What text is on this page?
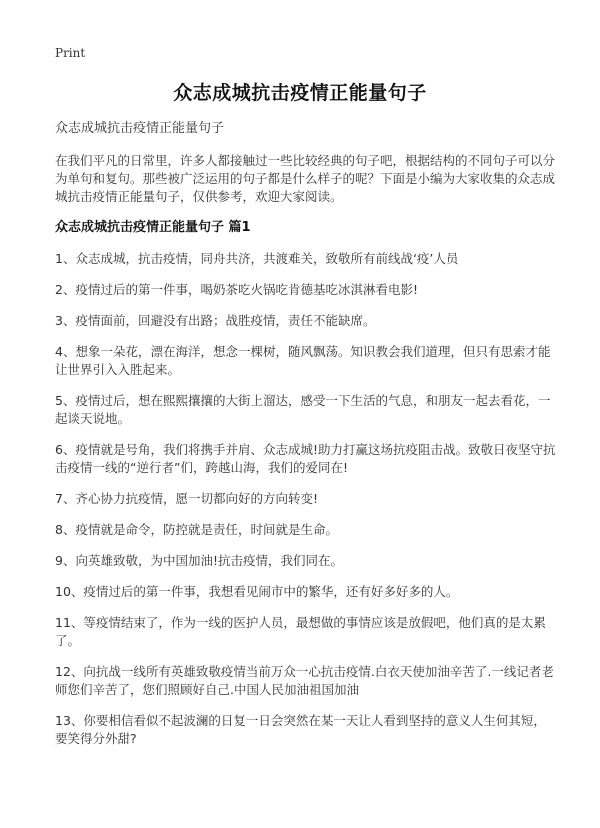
Print
众志成城抗击疫情正能量句子

众志成城抗击疫情正能量句子

在我们平凡的日常里，许多人都接触过一些比较经典的句子吧，根据结构的不同句子可以分为单句和复句。那些被广泛运用的句子都是什么样子的呢？下面是小编为大家收集的众志成城抗击疫情正能量句子，仅供参考，欢迎大家阅读。

众志成城抗击疫情正能量句子 篇1

1、众志成城，抗击疫情，同舟共济，共渡难关，致敬所有前线战‘疫’人员

2、疫情过后的第一件事，喝奶茶吃火锅吃肯德基吃冰淇淋看电影!

3、疫情面前，回避没有出路；战胜疫情，责任不能缺席。

4、想象一朵花，漂在海洋，想念一棵树，随风飘荡。知识教会我们道理，但只有思索才能让世界引入入胜起来。

5、疫情过后，想在熙熙攘攘的大街上溜达，感受一下生活的气息，和朋友一起去看花，一起谈天说地。

6、疫情就是号角，我们将携手并肩、众志成城!助力打赢这场抗疫阻击战。致敬日夜坚守抗击疫情一线的“逆行者”们，跨越山海，我们的爱同在!

7、齐心协力抗疫情，愿一切都向好的方向转变!

8、疫情就是命令，防控就是责任，时间就是生命。

9、向英雄致敬，为中国加油!抗击疫情，我们同在。

10、疫情过后的第一件事，我想看见闹市中的繁华，还有好多好多的人。

11、等疫情结束了，作为一线的医护人员，最想做的事情应该是放假吧，他们真的是太累了。

12、向抗战一线所有英雄致敬疫情当前万众一心抗击疫情.白衣天使加油辛苦了.一线记者老师您们辛苦了，您们照顾好自己.中国人民加油祖国加油

13、你要相信看似不起波澜的日复一日会突然在某一天让人看到坚持的意义人生何其短，要笑得分外甜?
